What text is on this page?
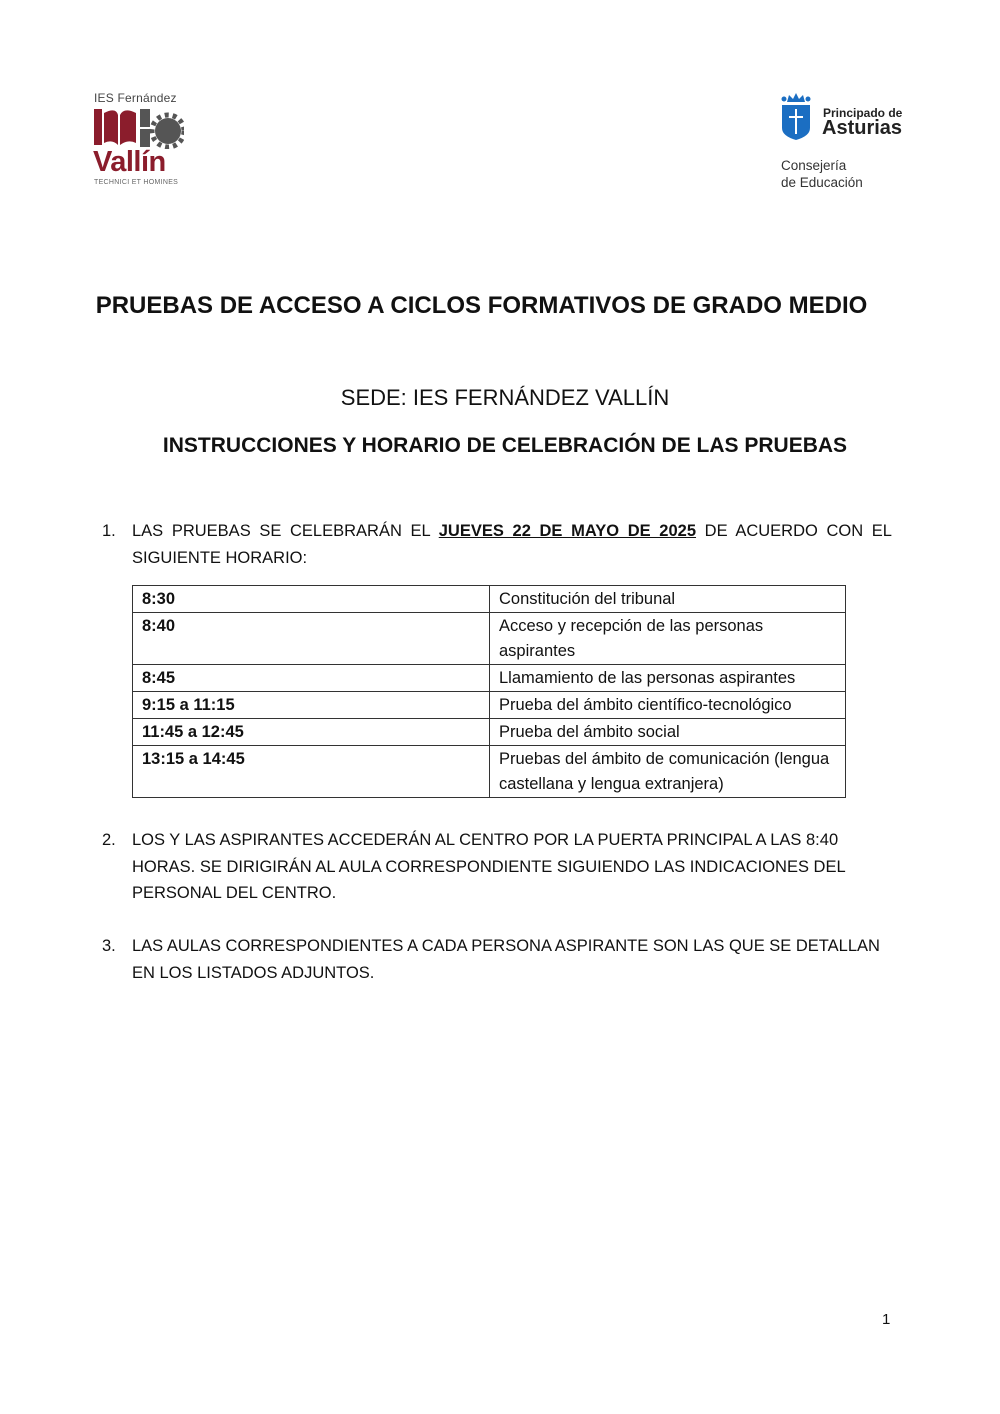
IES Fernández
Vallín
TECHNICI ET HOMINES
Principado de
Asturias
Consejería
de Educación
PRUEBAS DE ACCESO A CICLOS FORMATIVOS DE GRADO MEDIO
SEDE: IES FERNÁNDEZ VALLÍN
INSTRUCCIONES Y HORARIO DE CELEBRACIÓN DE LAS PRUEBAS
1. LAS PRUEBAS SE CELEBRARÁN EL JUEVES 22 DE MAYO DE 2025 DE ACUERDO CON EL SIGUIENTE HORARIO:
8:30	Constitución del tribunal
8:40	Acceso y recepción de las personas aspirantes
8:45	Llamamiento de las personas aspirantes
9:15 a 11:15	Prueba del ámbito científico-tecnológico
11:45 a 12:45	Prueba del ámbito social
13:15 a 14:45	Pruebas del ámbito de comunicación (lengua castellana y lengua extranjera)
2. LOS Y LAS ASPIRANTES ACCEDERÁN AL CENTRO POR LA PUERTA PRINCIPAL A LAS 8:40 HORAS. SE DIRIGIRÁN AL AULA CORRESPONDIENTE SIGUIENDO LAS INDICACIONES DEL PERSONAL DEL CENTRO.
3. LAS AULAS CORRESPONDIENTES A CADA PERSONA ASPIRANTE SON LAS QUE SE DETALLAN EN LOS LISTADOS ADJUNTOS.
1
